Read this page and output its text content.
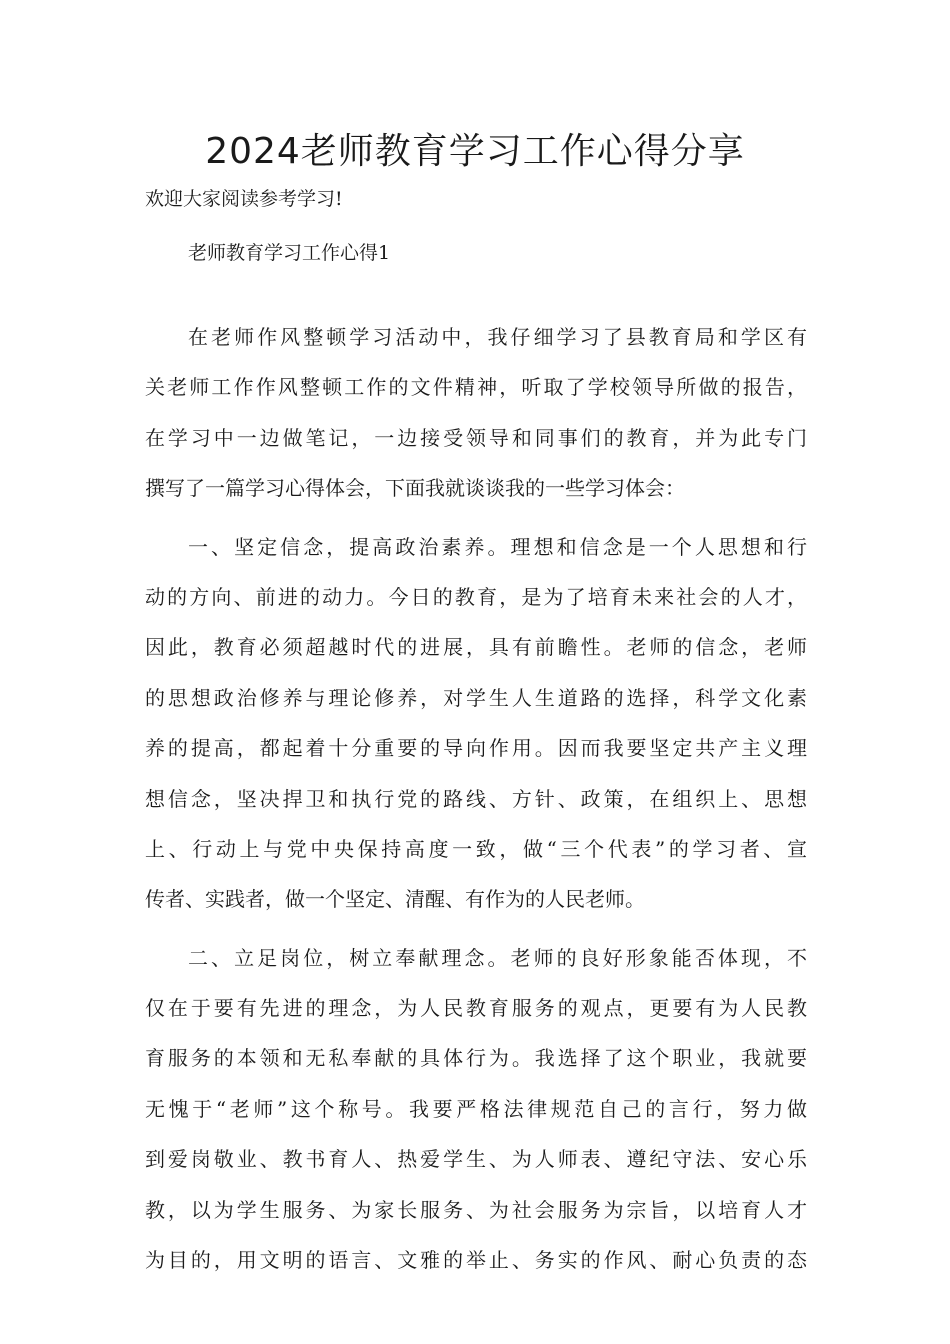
2024老师教育学习工作心得分享

欢迎大家阅读参考学习!

老师教育学习工作心得1

在老师作风整顿学习活动中，我仔细学习了县教育局和学区有
关老师工作作风整顿工作的文件精神，听取了学校领导所做的报告，
在学习中一边做笔记，一边接受领导和同事们的教育，并为此专门
撰写了一篇学习心得体会，下面我就谈谈我的一些学习体会：
一、坚定信念，提高政治素养。理想和信念是一个人思想和行
动的方向、前进的动力。今日的教育，是为了培育未来社会的人才，
因此，教育必须超越时代的进展，具有前瞻性。老师的信念，老师
的思想政治修养与理论修养，对学生人生道路的选择，科学文化素
养的提高，都起着十分重要的导向作用。因而我要坚定共产主义理
想信念，坚决捍卫和执行党的路线、方针、政策，在组织上、思想
上、行动上与党中央保持高度一致，做“三个代表”的学习者、宣
传者、实践者，做一个坚定、清醒、有作为的人民老师。
二、立足岗位，树立奉献理念。老师的良好形象能否体现，不
仅在于要有先进的理念，为人民教育服务的观点，更要有为人民教
育服务的本领和无私奉献的具体行为。我选择了这个职业，我就要
无愧于“老师”这个称号。我要严格法律规范自己的言行，努力做
到爱岗敬业、教书育人、热爱学生、为人师表、遵纪守法、安心乐
教，以为学生服务、为家长服务、为社会服务为宗旨，以培育人才
为目的，用文明的语言、文雅的举止、务实的作风、耐心负责的态
